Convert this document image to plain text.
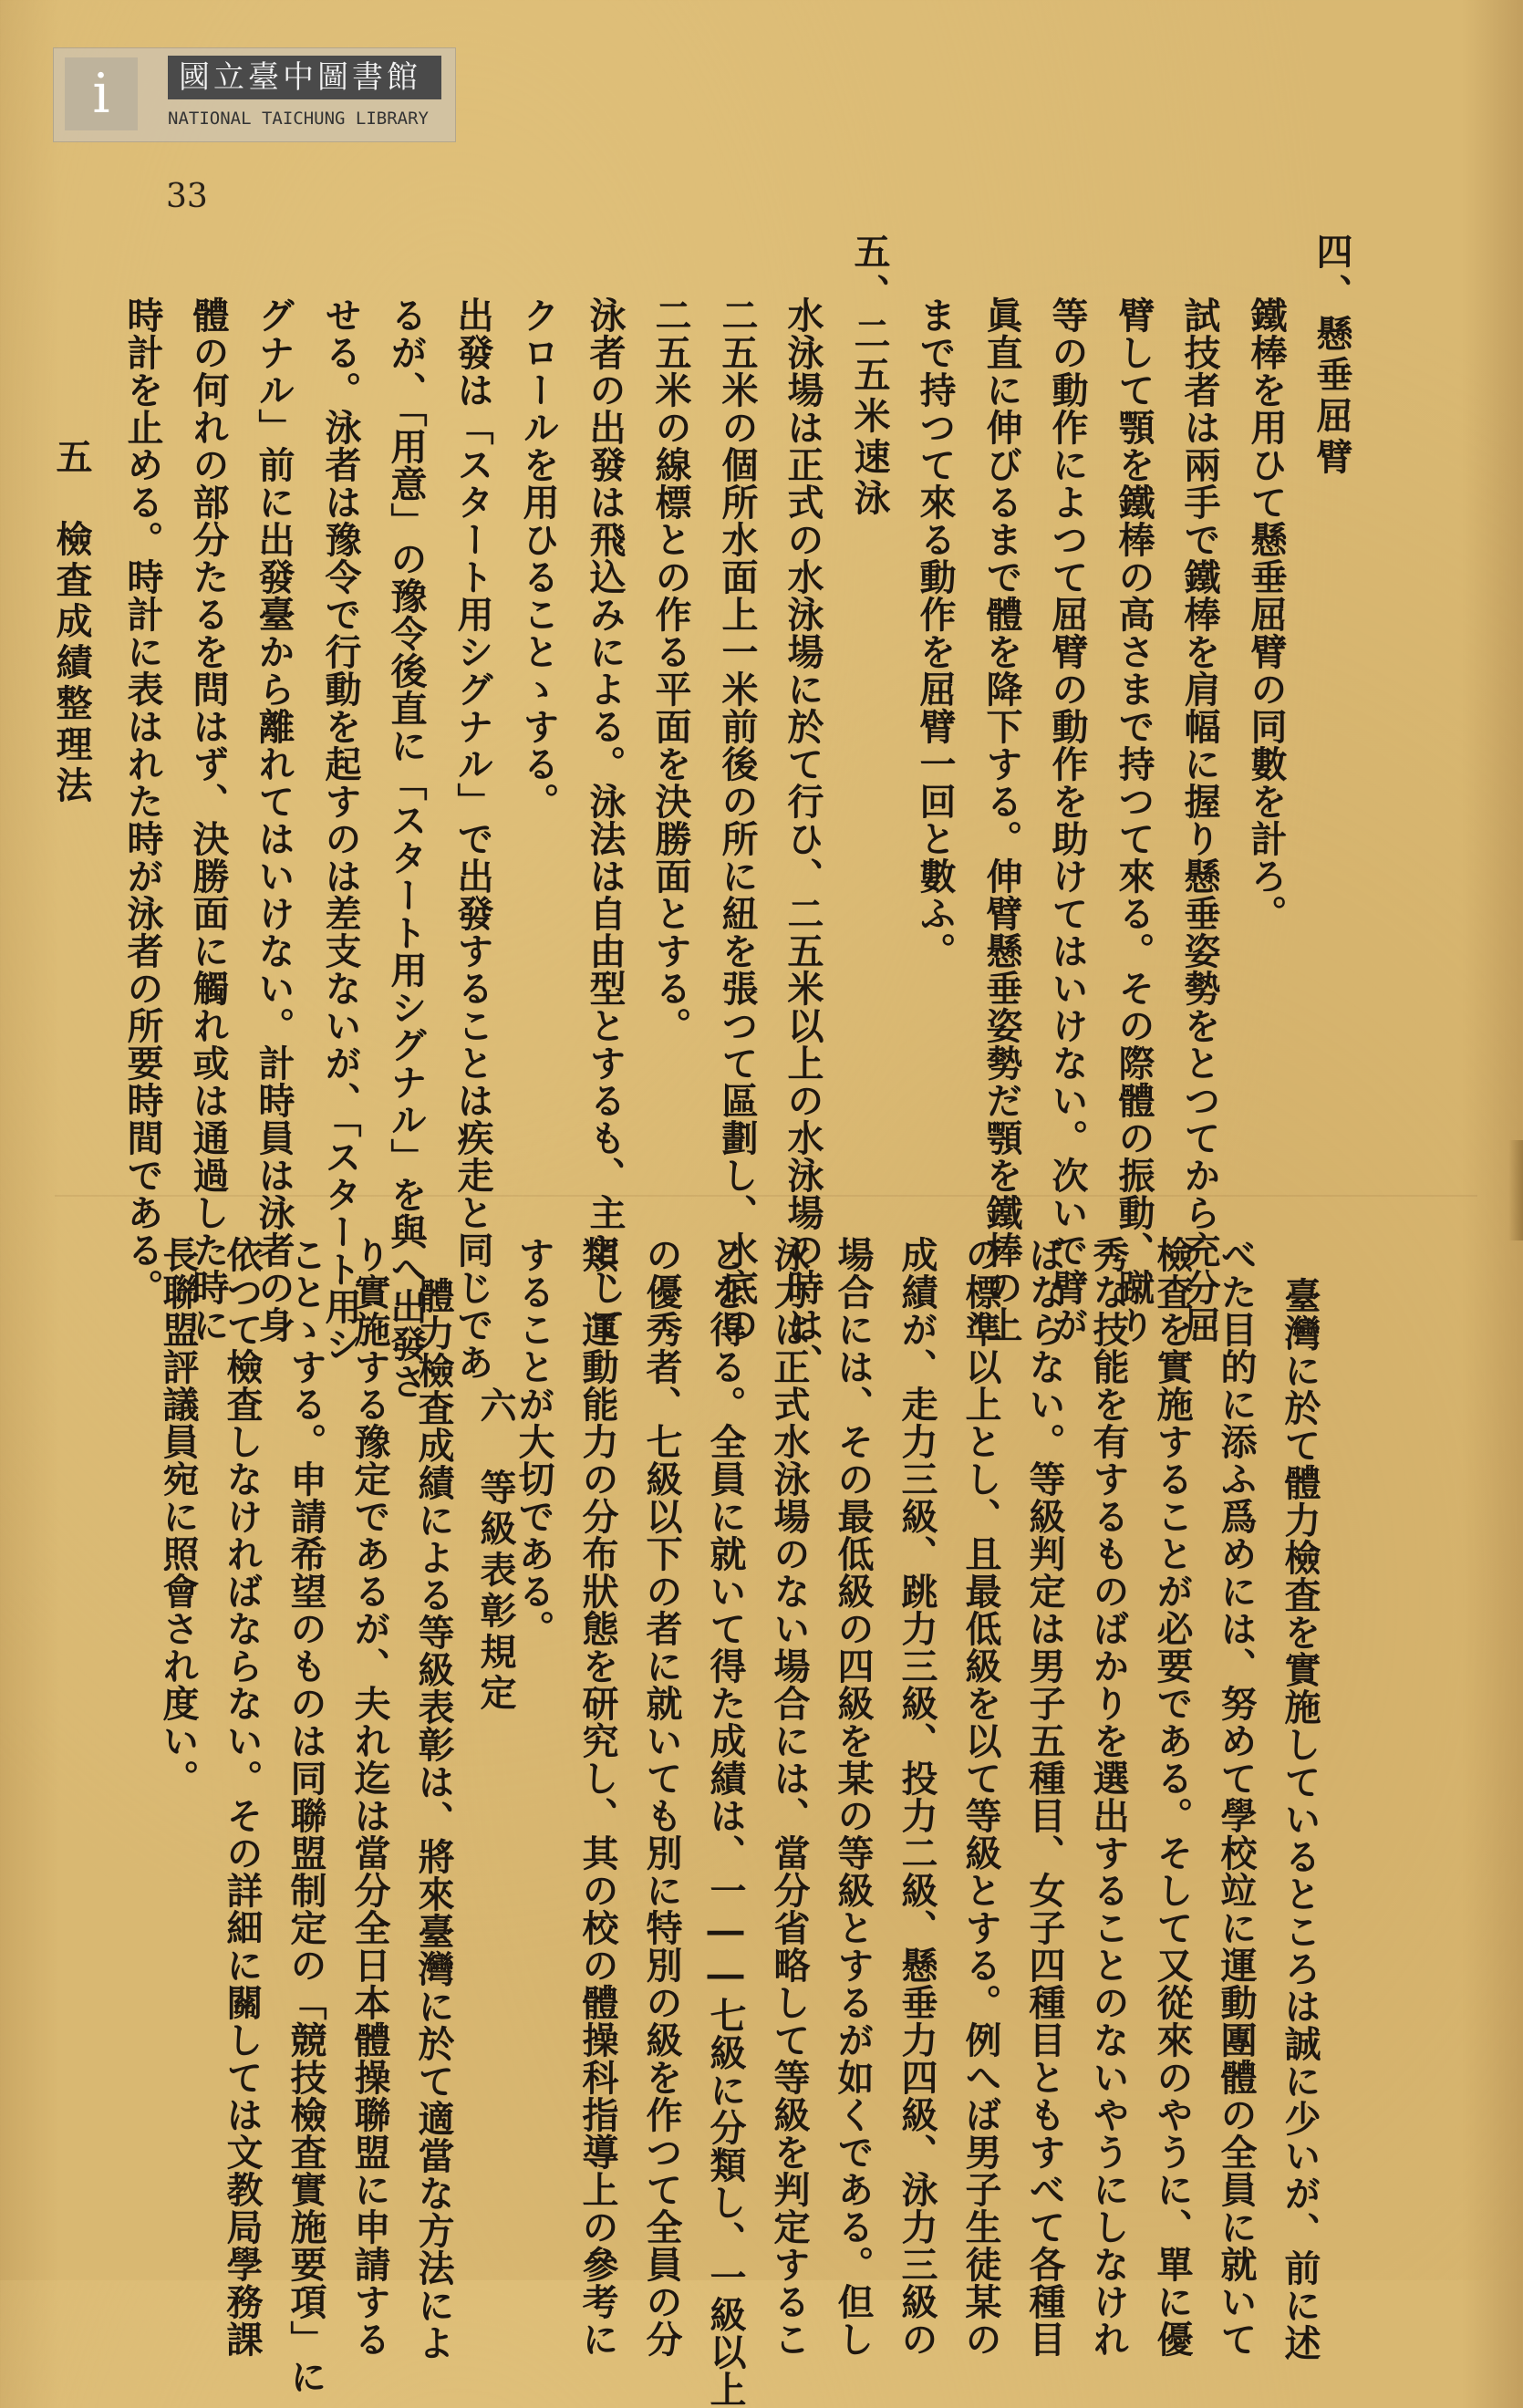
i	國立臺中圖書館
NATIONAL TAICHUNG LIBRARY
33
四、懸垂屈臂
鐵棒を用ひて懸垂屈臂の同數を計ろ。
試技者は兩手で鐵棒を肩幅に握り懸垂姿勢をとつてから充分屈
臂して顎を鐵棒の高さまで持つて來る。その際體の振動、蹴り
等の動作によつて屈臂の動作を助けてはいけない。次いで臂が
眞直に伸びるまで體を降下する。伸臂懸垂姿勢だ顎を鐵棒の上
まで持つて來る動作を屈臂一回と數ふ。
五、二五米速泳
水泳場は正式の水泳場に於て行ひ、二五米以上の水泳場の時は、
二五米の個所水面上一米前後の所に紐を張つて區劃し、水底の
二五米の線標との作る平面を決勝面とする。
泳者の出發は飛込みによる。泳法は自由型とするも、主として
クロールを用ひることゝする。
出發は「スタート用シグナル」で出發することは疾走と同じであ
るが、「用意」の豫令後直に「スタート用シグナル」を與へ出發さ
せる。泳者は豫令で行動を起すのは差支ないが、「スタート用シ
グナル」前に出發臺から離れてはいけない。計時員は泳者の身
體の何れの部分たるを問はず、決勝面に觸れ或は通過した時に
時計を止める。時計に表はれた時が泳者の所要時間である。
五　檢査成績整理法
臺灣に於て體力檢査を實施しているところは誠に少いが、前に述
べた目的に添ふ爲めには、努めて學校竝に運動團體の全員に就いて
檢査を實施することが必要である。そして又從來のやうに、單に優
秀な技能を有するものばかりを選出することのないやうにしなけれ
ばならない。等級判定は男子五種目、女子四種目ともすべて各種目
の標準以上とし、且最低級を以て等級とする。例へば男子生徒某の
成績が、走力三級、跳力三級、投力二級、懸垂力四級、泳力三級の
場合には、その最低級の四級を某の等級とするが如くである。但し
泳力は正式水泳場のない場合には、當分省略して等級を判定するこ
とを得る。全員に就いて得た成績は、一――七級に分類し、一級以上
の優秀者、七級以下の者に就いても別に特別の級を作つて全員の分
類、運動能力の分布狀態を研究し、其の校の體操科指導上の參考に
することが大切である。
六　等級表彰規定
體力檢査成績による等級表彰は、將來臺灣に於て適當な方法によ
り實施する豫定であるが、夫れ迄は當分全日本體操聯盟に申請する
ことゝする。申請希望のものは同聯盟制定の「競技檢査實施要項」に
依つて檢査しなければならない。その詳細に關しては文教局學務課
長聯盟評議員宛に照會され度い。
